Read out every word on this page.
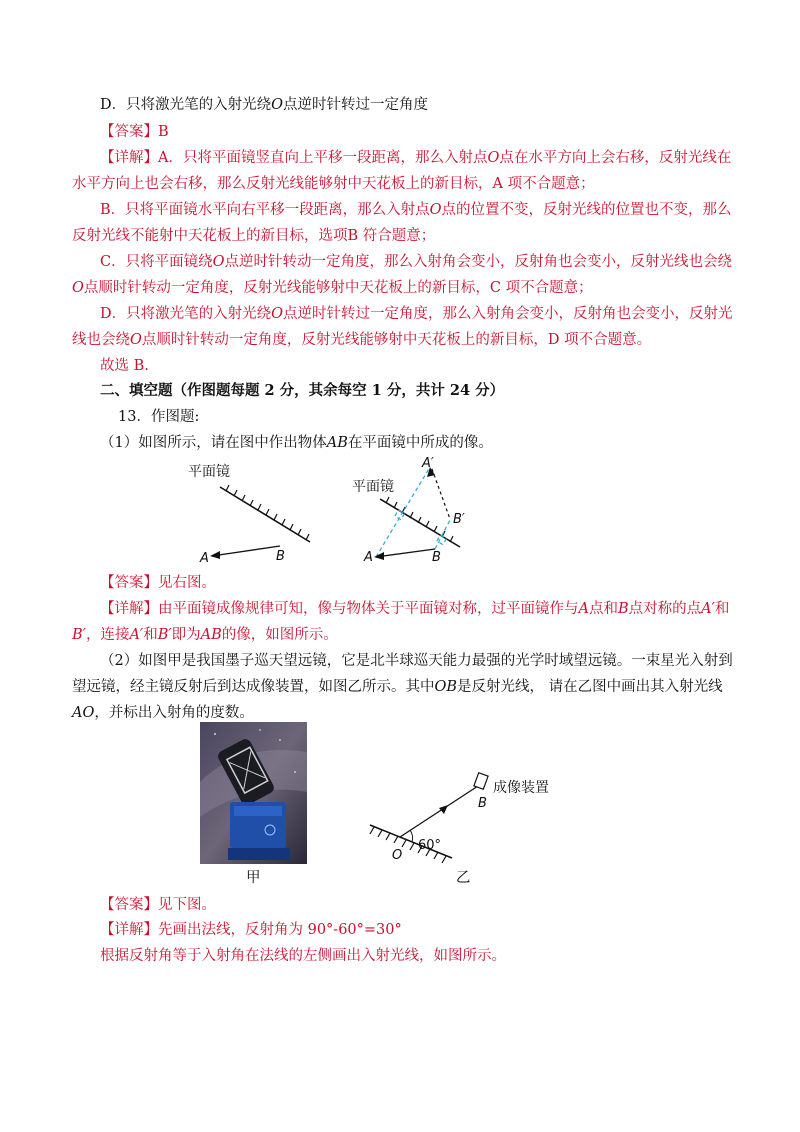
D．只将激光笔的入射光绕O点逆时针转过一定角度
【答案】B
【详解】A．只将平面镜竖直向上平移一段距离，那么入射点O点在水平方向上会右移，反射光线在
水平方向上也会右移，那么反射光线能够射中天花板上的新目标，A 项不合题意；
B．只将平面镜水平向右平移一段距离，那么入射点O点的位置不变，反射光线的位置也不变，那么
反射光线不能射中天花板上的新目标，选项B 符合题意；
C．只将平面镜绕O点逆时针转动一定角度，那么入射角会变小，反射角也会变小，反射光线也会绕
O点顺时针转动一定角度，反射光线能够射中天花板上的新目标，C 项不合题意；
D．只将激光笔的入射光绕O点逆时针转过一定角度，那么入射角会变小，反射角也会变小，反射光
线也会绕O点顺时针转动一定角度，反射光线能够射中天花板上的新目标，D 项不合题意。
故选 B.
二、填空题（作图题每题 2 分，其余每空 1 分，共计 24 分）
13．作图题:
（1）如图所示，请在图中作出物体AB在平面镜中所成的像。
平面镜
A	B
平面镜
A	B
A′
B′
【答案】见右图。
【详解】由平面镜成像规律可知，像与物体关于平面镜对称，过平面镜作与A点和B点对称的点A′和
B′，连接A′和B′即为AB的像，如图所示。
（2）如图甲是我国墨子巡天望远镜，它是北半球巡天能力最强的光学时域望远镜。一束星光入射到
望远镜，经主镜反射后到达成像装置，如图乙所示。其中OB是反射光线， 请在乙图中画出其入射光线
AO，并标出入射角的度数。
甲
成像装置
B
O
60°
乙
【答案】见下图。
【详解】先画出法线，反射角为 90°-60°=30°
根据反射角等于入射角在法线的左侧画出入射光线，如图所示。
